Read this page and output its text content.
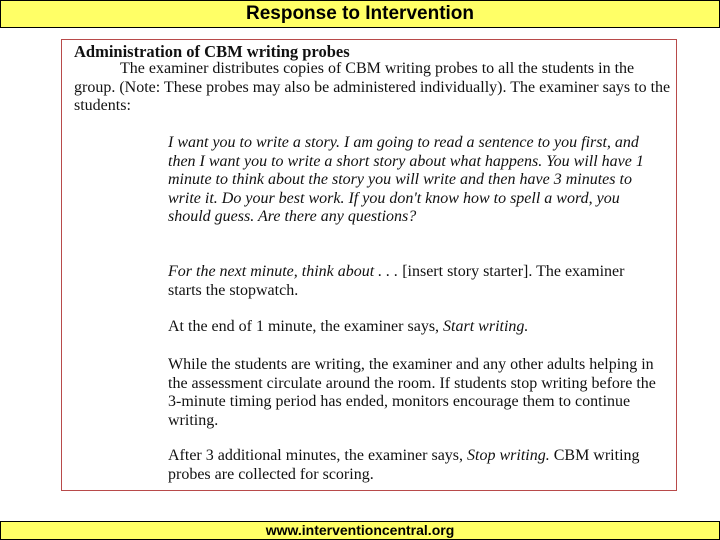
Response to Intervention
Administration of CBM writing probes
The examiner distributes copies of CBM writing probes to all the students in the group. (Note: These probes may also be administered individually). The examiner says to the students:
I want you to write a story. I am going to read a sentence to you first, and then I want you to write a short story about what happens. You will have 1 minute to think about the story you will write and then have 3 minutes to write it. Do your best work. If you don't know how to spell a word, you should guess. Are there any questions?
For the next minute, think about . . . [insert story starter]. The examiner starts the stopwatch.
At the end of 1 minute, the examiner says, Start writing.
While the students are writing, the examiner and any other adults helping in the assessment circulate around the room. If students stop writing before the 3-minute timing period has ended, monitors encourage them to continue writing.
After 3 additional minutes, the examiner says, Stop writing. CBM writing probes are collected for scoring.
www.interventioncentral.org
